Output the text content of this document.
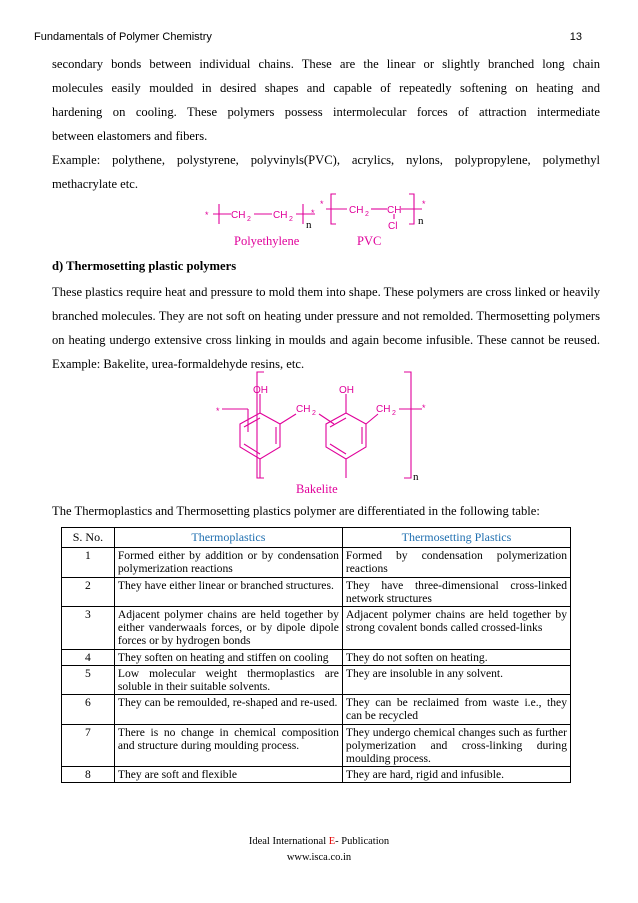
Fundamentals of Polymer Chemistry	13
secondary bonds between individual chains. These are the linear or slightly branched long chain
molecules easily moulded in desired shapes and capable of repeatedly softening on heating and
hardening on cooling. These polymers possess intermolecular forces of attraction intermediate
between elastomers and fibers.
Example: polythene, polystyrene, polyvinyls(PVC), acrylics, nylons, polypropylene, polymethyl
methacrylate etc.
* CH 2 CH 2
*
n
*
CH 2 CH
Cl
*
n
Polyethylene	PVC
d) Thermosetting plastic polymers
These plastics require heat and pressure to mold them into shape. These polymers are cross linked or heavily branched molecules. They are not soft on heating under pressure and not remolded. Thermosetting polymers on heating undergo extensive cross linking in moulds and again become infusible. These cannot be reused. Example: Bakelite, urea-formaldehyde resins, etc.
n
*
OH
CH 2
OH
CH 2
*
Bakelite
The Thermoplastics and Thermosetting plastics polymer are differentiated in the following table:
S. No.	Thermoplastics	Thermosetting Plastics
1	Formed either by addition or by condensation polymerization reactions	Formed by condensation polymerization reactions
2	They have either linear or branched structures.	They have three-dimensional cross-linked network structures
3	Adjacent polymer chains are held together by either vanderwaals forces, or by dipole dipole forces or by hydrogen bonds	Adjacent polymer chains are held together by strong covalent bonds called crossed-links
4	They soften on heating and stiffen on cooling	They do not soften on heating.
5	Low molecular weight thermoplastics are soluble in their suitable solvents.	They are insoluble in any solvent.
6	They can be remoulded, re-shaped and re-used.	They can be reclaimed from waste i.e., they can be recycled
7	There is no change in chemical composition and structure during moulding process.	They undergo chemical changes such as further polymerization and cross-linking during moulding process.
8	They are soft and flexible	They are hard, rigid and infusible.
Ideal International E- Publication
www.isca.co.in
